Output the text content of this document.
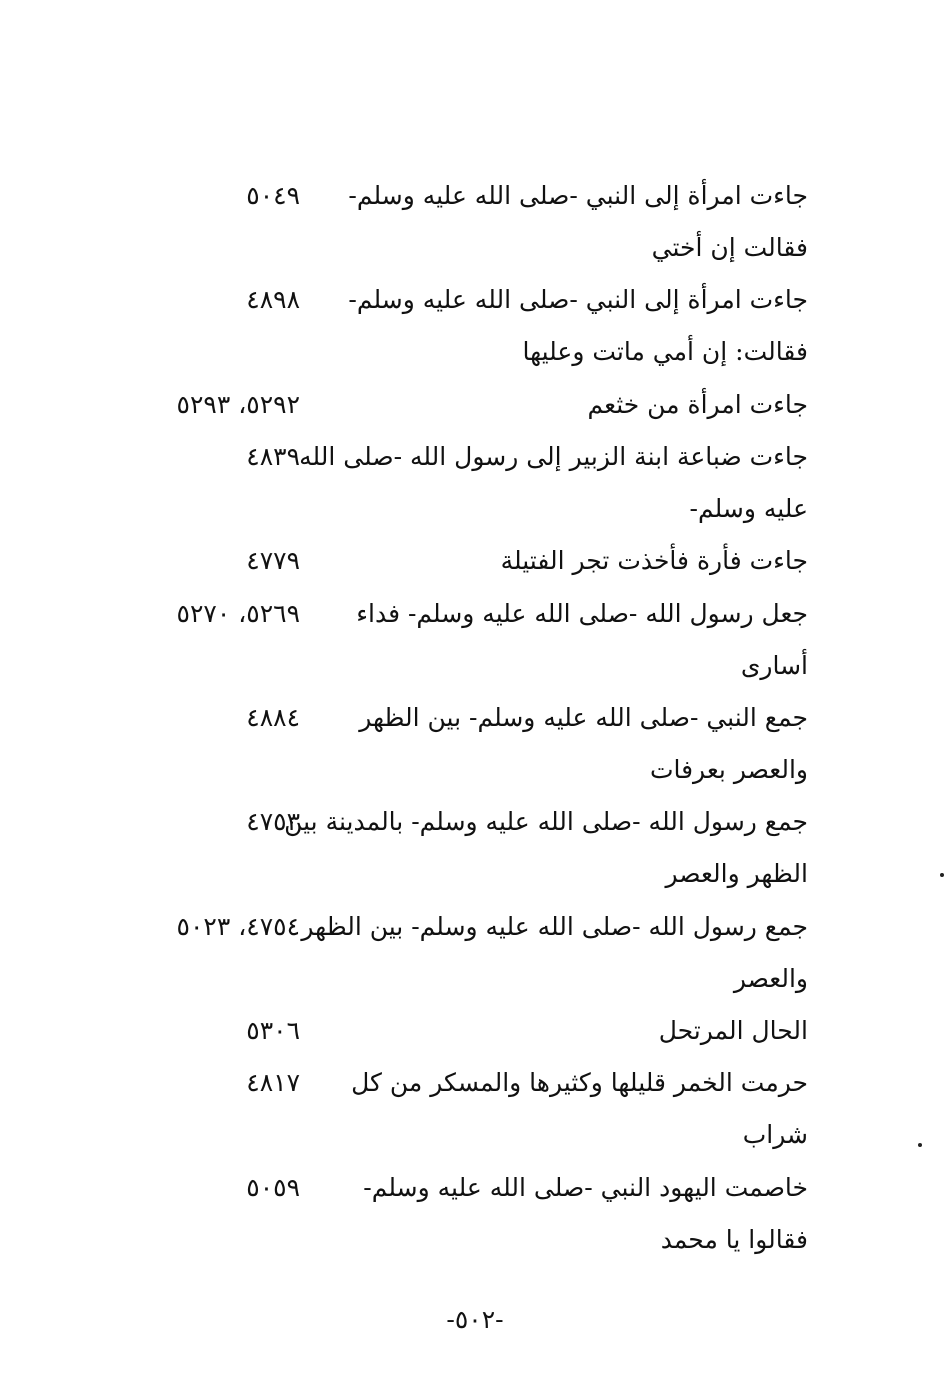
جاءت امرأة إلى النبي -صلى الله عليه وسلم-
فقالت إن أختي
٥٠٤٩
جاءت امرأة إلى النبي -صلى الله عليه وسلم-
فقالت: إن أمي ماتت وعليها
٤٨٩٨
جاءت امرأة من خثعم
٥٢٩٢، ٥٢٩٣
جاءت ضباعة ابنة الزبير إلى رسول الله -صلى الله
عليه وسلم-
٤٨٣٩
جاءت فأرة فأخذت تجر الفتيلة
٤٧٧٩
جعل رسول الله -صلى الله عليه وسلم- فداء
أسارى
٥٢٦٩، ٥٢٧٠
جمع النبي -صلى الله عليه وسلم- بين الظهر
والعصر بعرفات
٤٨٨٤
جمع رسول الله -صلى الله عليه وسلم- بالمدينة بين
الظهر والعصر
٤٧٥٣
جمع رسول الله -صلى الله عليه وسلم- بين الظهر
والعصر
٤٧٥٤، ٥٠٢٣
الحال المرتحل
٥٣٠٦
حرمت الخمر قليلها وكثيرها والمسكر من كل
شراب
٤٨١٧
خاصمت اليهود النبي -صلى الله عليه وسلم-
فقالوا يا محمد
٥٠٥٩
-٥٠٢-
